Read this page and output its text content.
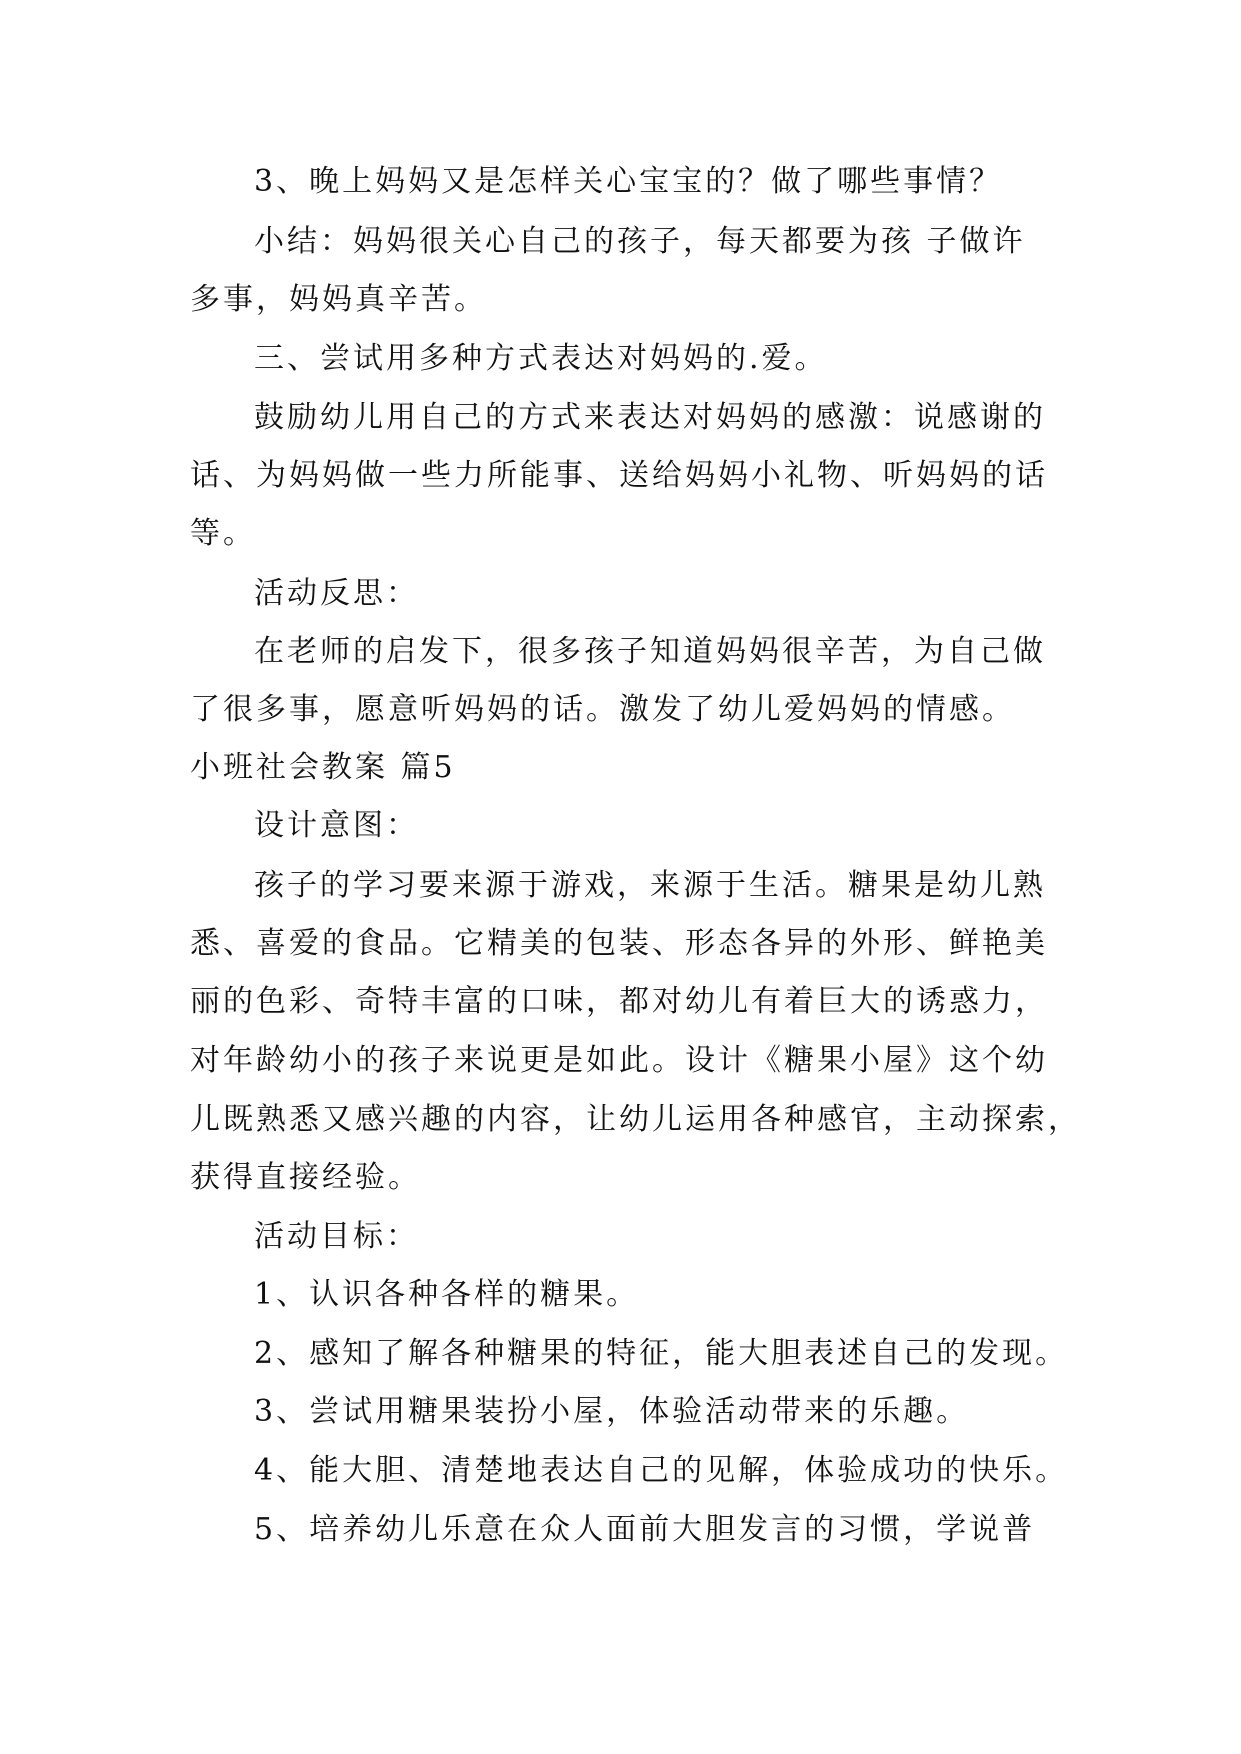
3、晚上妈妈又是怎样关心宝宝的？做了哪些事情？
小结：妈妈很关心自己的孩子，每天都要为孩 子做许
多事，妈妈真辛苦。
三、尝试用多种方式表达对妈妈的.爱。
鼓励幼儿用自己的方式来表达对妈妈的感激：说感谢的
话、为妈妈做一些力所能事、送给妈妈小礼物、听妈妈的话
等。
活动反思：
在老师的启发下，很多孩子知道妈妈很辛苦，为自己做
了很多事，愿意听妈妈的话。激发了幼儿爱妈妈的情感。
小班社会教案 篇5
设计意图：
孩子的学习要来源于游戏，来源于生活。糖果是幼儿熟
悉、喜爱的食品。它精美的包装、形态各异的外形、鲜艳美
丽的色彩、奇特丰富的口味，都对幼儿有着巨大的诱惑力，
对年龄幼小的孩子来说更是如此。设计《糖果小屋》这个幼
儿既熟悉又感兴趣的内容，让幼儿运用各种感官，主动探索，
获得直接经验。
活动目标：
1、认识各种各样的糖果。
2、感知了解各种糖果的特征，能大胆表述自己的发现。
3、尝试用糖果装扮小屋，体验活动带来的乐趣。
4、能大胆、清楚地表达自己的见解，体验成功的快乐。
5、培养幼儿乐意在众人面前大胆发言的习惯，学说普
